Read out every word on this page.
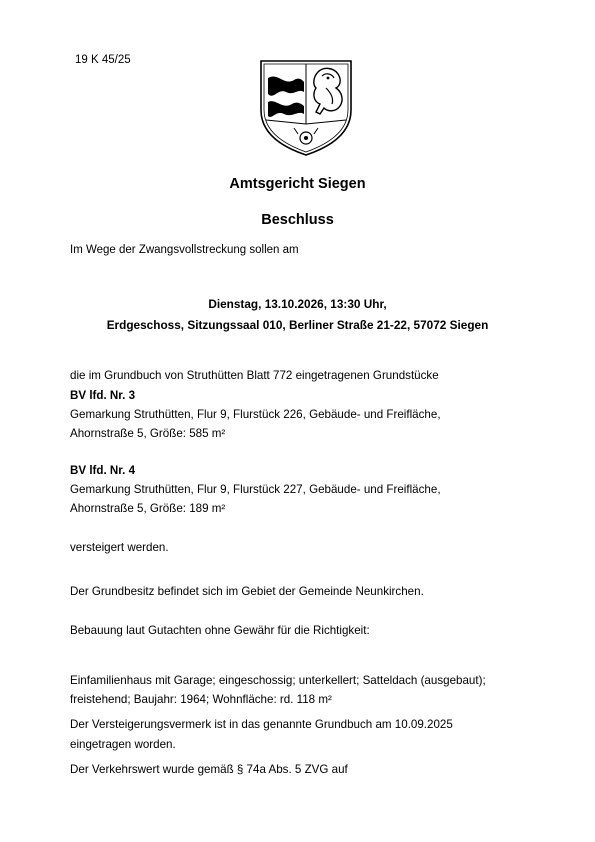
19 K 45/25
Amtsgericht Siegen
Beschluss
Im Wege der Zwangsvollstreckung sollen am
Dienstag, 13.10.2026, 13:30 Uhr,
Erdgeschoss, Sitzungssaal 010, Berliner Straße 21-22, 57072 Siegen
die im Grundbuch von Struthütten Blatt 772 eingetragenen Grundstücke
BV lfd. Nr. 3
Gemarkung Struthütten, Flur 9, Flurstück 226, Gebäude- und Freifläche,
Ahornstraße 5, Größe: 585 m²
BV lfd. Nr. 4
Gemarkung Struthütten, Flur 9, Flurstück 227, Gebäude- und Freifläche,
Ahornstraße 5, Größe: 189 m²
versteigert werden.
Der Grundbesitz befindet sich im Gebiet der Gemeinde Neunkirchen.
Bebauung laut Gutachten ohne Gewähr für die Richtigkeit:
Einfamilienhaus mit Garage; eingeschossig; unterkellert; Satteldach (ausgebaut);
freistehend; Baujahr: 1964; Wohnfläche: rd. 118 m²
Der Versteigerungsvermerk ist in das genannte Grundbuch am 10.09.2025
eingetragen worden.
Der Verkehrswert wurde gemäß § 74a Abs. 5 ZVG auf
